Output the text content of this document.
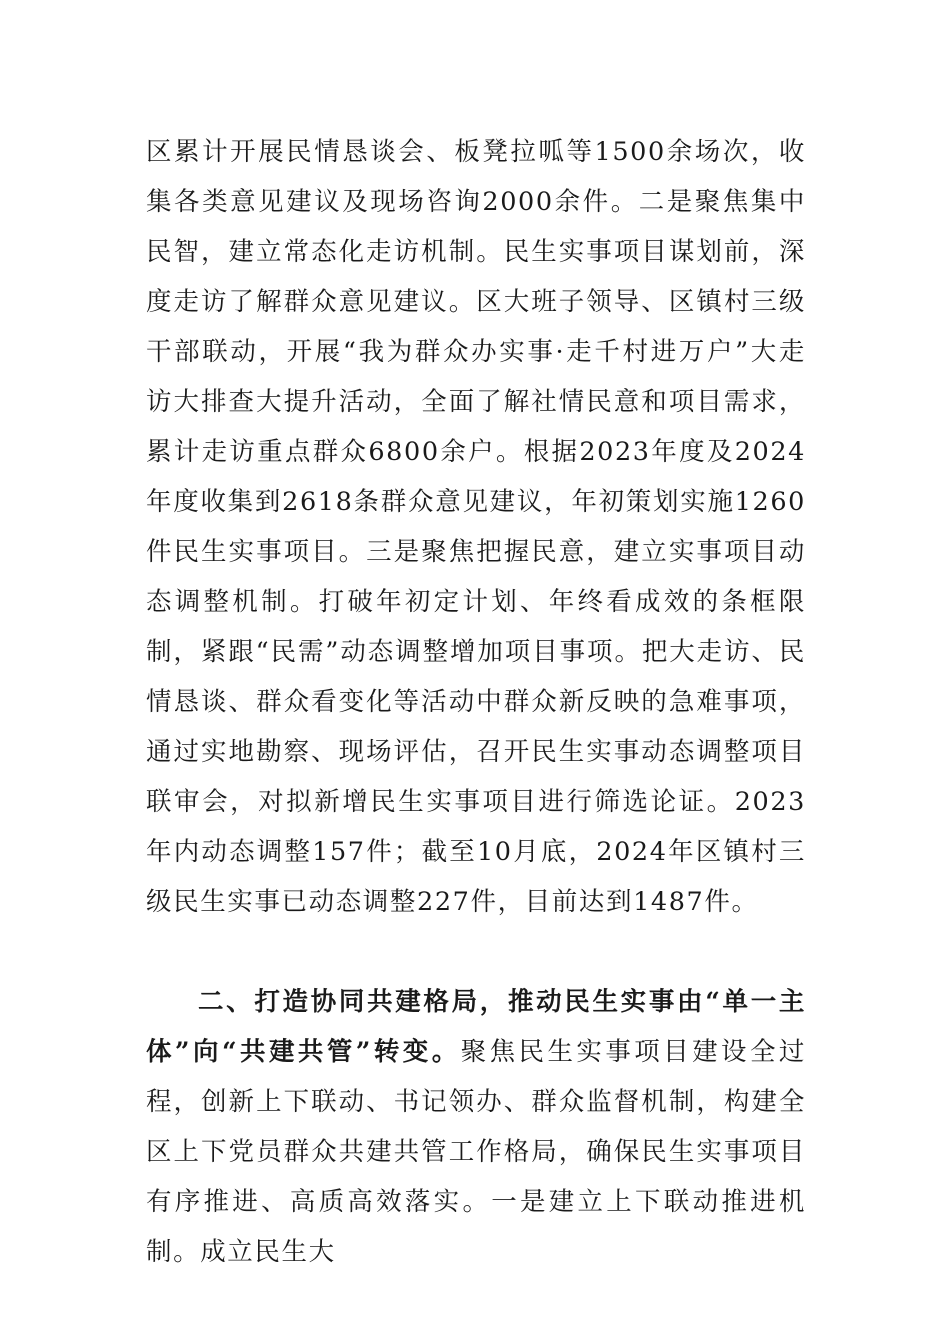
区累计开展民情恳谈会、板凳拉呱等1500余场次，收集各类意见建议及现场咨询2000余件。二是聚焦集中民智，建立常态化走访机制。民生实事项目谋划前，深度走访了解群众意见建议。区大班子领导、区镇村三级干部联动，开展“我为群众办实事·走千村进万户”大走访大排查大提升活动，全面了解社情民意和项目需求，累计走访重点群众6800余户。根据2023年度及2024年度收集到2618条群众意见建议，年初策划实施1260件民生实事项目。三是聚焦把握民意，建立实事项目动态调整机制。打破年初定计划、年终看成效的条框限制，紧跟“民需”动态调整增加项目事项。把大走访、民情恳谈、群众看变化等活动中群众新反映的急难事项，通过实地勘察、现场评估，召开民生实事动态调整项目联审会，对拟新增民生实事项目进行筛选论证。2023年内动态调整157件；截至10月底，2024年区镇村三级民生实事已动态调整227件，目前达到1487件。

二、打造协同共建格局，推动民生实事由“单一主体”向“共建共管”转变。聚焦民生实事项目建设全过程，创新上下联动、书记领办、群众监督机制，构建全区上下党员群众共建共管工作格局，确保民生实事项目有序推进、高质高效落实。一是建立上下联动推进机制。成立民生大
